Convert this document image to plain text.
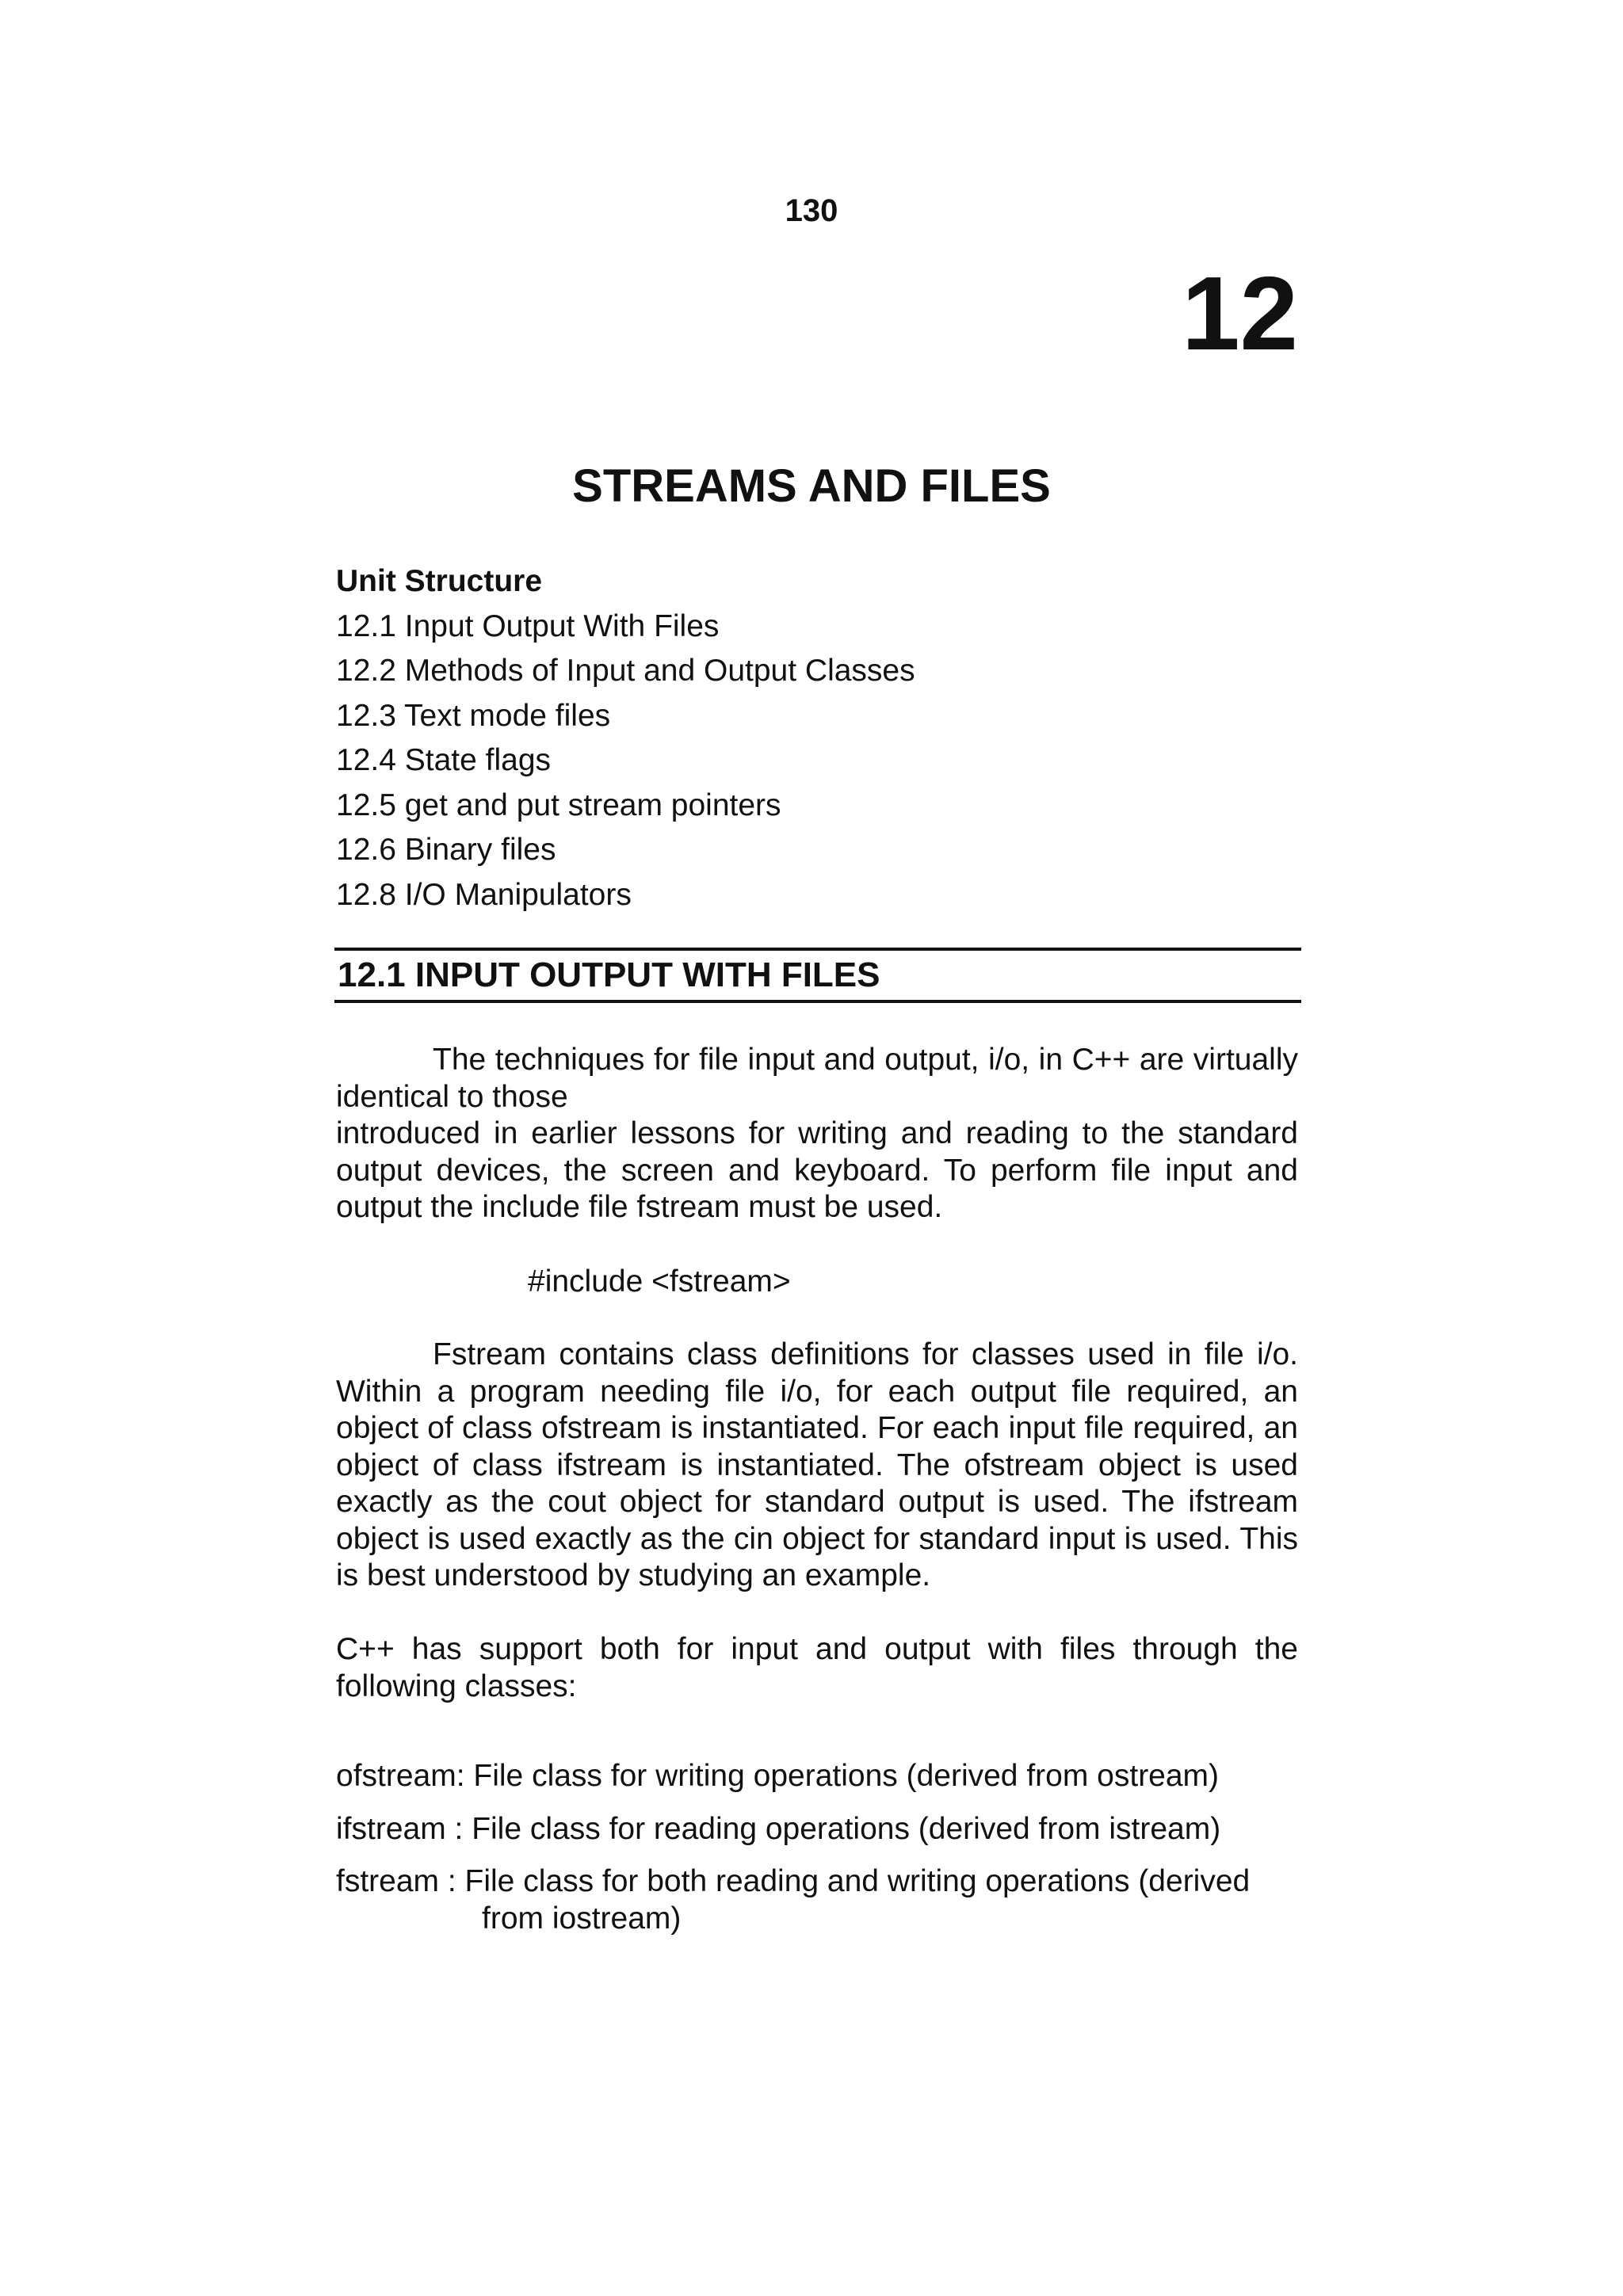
130
12
STREAMS AND FILES
Unit Structure
12.1 Input Output With Files
12.2 Methods of Input and Output Classes
12.3 Text mode files
12.4 State flags
12.5 get and put stream pointers
12.6 Binary files
12.8 I/O Manipulators
12.1 INPUT OUTPUT WITH FILES

The techniques for file input and output, i/o, in C++ are virtually identical to those

introduced in earlier lessons for writing and reading to the standard output devices, the screen and keyboard. To perform file input and output the include file fstream must be used.

#include <fstream>

Fstream contains class definitions for classes used in file i/o. Within a program needing file i/o, for each output file required, an object of class ofstream is instantiated. For each input file required, an object of class ifstream is instantiated. The ofstream object is used exactly as the cout object for standard output is used. The ifstream object is used exactly as the cin object for standard input is used. This is best understood by studying an example.

C++ has support both for input and output with files through the following classes:

ofstream: File class for writing operations (derived from ostream)

ifstream : File class for reading operations (derived from istream)

fstream : File class for both reading and writing operations (derived
from iostream)
